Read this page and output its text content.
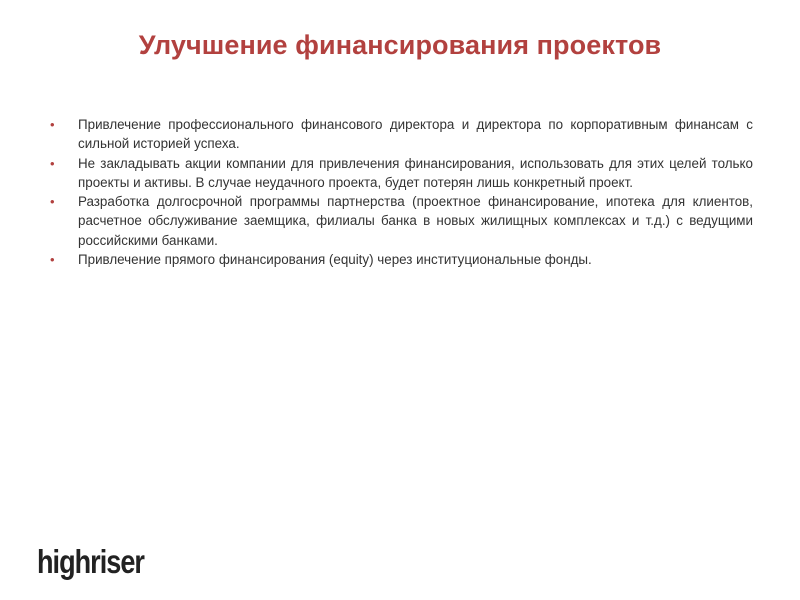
Улучшение финансирования проектов
•	Привлечение профессионального финансового директора и директора по корпоративным финансам с сильной историей успеха.
•	Не закладывать акции компании для привлечения финансирования, использовать для этих целей только проекты и активы. В случае неудачного проекта, будет потерян лишь конкретный проект.
•	Разработка долгосрочной программы партнерства (проектное финансирование, ипотека для клиентов, расчетное обслуживание заемщика, филиалы банка в новых жилищных комплексах и т.д.) с ведущими российскими банками.
•	Привлечение прямого финансирования (equity) через институциональные фонды.
highriser
